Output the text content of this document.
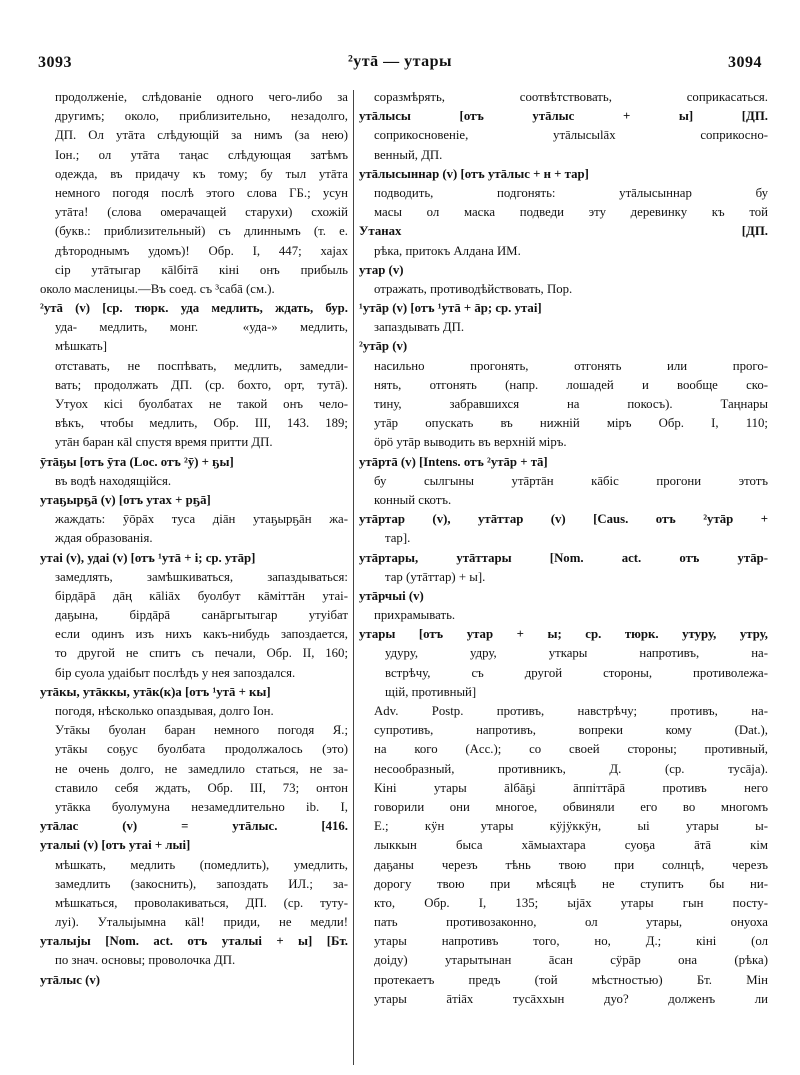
3093	²утā — утары	3094
продолженіе, слѣдованіе одного чего-либо за
другимъ; около, приблизительно, незадолго,
ДП. Ол утāта слѣдующій за нимъ (за нею)
Іон.; ол утāта таңас слѣдующая затѣмъ
одежда, въ придачу къ тому; бу тыл утāта
немного погодя послѣ этого слова ГБ.; усун
утāта! (слова омерачащей старухи) схожій
(букв.: приблизительный) съ длиннымъ (т. е.
дѣтороднымъ удомъ)! Обр. I, 447; хаjах
сір утāтыгар кālбітā кіні онъ прибыль
около масленицы.—Въ соед. съ ³сабā (см.).
²утā (v) [ср. тюрк. уда медлить, ждать, бур.
уда- медлить, монг. ‎ «уда-» медлить,
мѣшкать]
отставать, не поспѣвать, медлить, замедли-
вать; продолжать ДП. (ср. бохто, орт, тутā).
Утуох кісі буолбатах не такой онъ чело-
вѣкъ, чтобы медлить, Обр. III, 143. 189;
утāн баран кāl спустя время притти ДП.
ӯтāҕы [отъ ӯта (Loc. отъ ²ӯ) + ҕы]
въ водѣ находящійся.
утаҕырҕā (v) [отъ утах + рҕā]
жаждать: ӯōрāх туса діāн утаҕырҕāн жа-
ждая образованія.
утаі (v), удаі (v) [отъ ¹утā + і; ср. утāр]
замедлять, замѣшкиваться, запаздываться:
бірдāрā дāң кāliāх буолбут кāміттāн утаі-
даҕына, бірдāрā санāргытыгар утуібат
если одинъ изъ нихъ какъ-нибудь запоздается,
то другой не спитъ съ печали, Обр. II, 160;
бір суола удаібыт послѣдъ у нея запоздался.
утāкы, утāккы, утāк(к)а [отъ ¹утā + кы]
погодя, нѣсколько опаздывая, долго Іон.
Утāкы буолан баран немного погодя Я.;
утāкы соҕус буолбата продолжалось (это)
не очень долго, не замедлило статься, не за-
ставило себя ждать, Обр. III, 73; онтон
утāкка буолумуна незамедлительно ib. I,
утāлас (v) = утāлыс. [416.
уталыі (v) [отъ утаі + лыі]
мѣшкать, медлить (помедлить), умедлить,
замедлить (закоснить), запоздать ИЛ.; за-
мѣшкаться, проволакиваться, ДП. (ср. туту-
луі). Уталыjымна кāl! приди, не медли!
уталыjы [Nom. act. отъ уталыі + ы] [Бт.
по знач. основы; проволочка ДП.
утāлыс (v)
соразмѣрять, соотвѣтствовать, соприкасаться.
утāлысы [отъ утāлыс + ы] [ДП.
соприкосновеніе, утāлысыlāх соприкосно-
венный, ДП.
утāлысыннар (v) [отъ утāлыс + н + тар]
подводить, подгонять: утāлысыннар бу
масы ол маска подведи эту деревинку къ той
Утанах [ДП.
рѣка, притокъ Алдана ИМ.
утар (v)
отражать, противодѣйствовать, Пор.
¹утāр (v) [отъ ¹утā + āр; ср. утаі]
запаздывать ДП.
²утāр (v)
насильно прогонять, отгонять или прого-
нять, отгонять (напр. лошадей и вообще ско-
тину, забравшихся на покосъ). Таңнары
утāр опускать въ нижній міръ Обр. I, 110;
ӧрӧ утāр выводить въ верхній міръ.
утāртā (v) [Intens. отъ ²утāр + тā]
бу сылгыны утāртāн кāбіс прогони этотъ
конный скотъ.
утāртар (v), утāттар (v) [Caus. отъ ²утāр +
тар].
утāртары, утāттары [Nom. act. отъ утāр-
тар (утāттар) + ы].
утāрчыі (v)
прихрамывать.
утары [отъ утар + ы; ср. тюрк. утуру, утру,
удуру, удру, уткары напротивъ, на-
встрѣчу, съ другой стороны, противолежа-
щій, противный]
Adv. Postp. противъ, навстрѣчу; противъ, на-
супротивъ, напротивъ, вопреки кому (Dat.),
на кого (Acc.); со своей стороны; противный,
несообразный, противникъ, Д. (ср. тусājа).
Кіні утары ālбāҕі āппіттāрā противъ него
говорили они многое, обвиняли его во многомъ
Е.; кӱн утары кӱjӱккӱн, ыі утары ы-
лыккын быса хāмыахтара суоҕа āтā кім
даҕаны черезъ тѣнь твою при солнцѣ, черезъ
дорогу твою при мѣсяцѣ не ступитъ бы ни-
кто, Обр. I, 135; ыjāх утары гын посту-
пать противозаконно, ол утары, онуоха
утары напротивъ того, но, Д.; кіні (ол
доіду) утарытынан āсан сӱрāр она (рѣка)
протекаетъ предъ (той мѣстностью) Бт. Мін
утары āтiāх тусāххын дуо? долженъ ли
